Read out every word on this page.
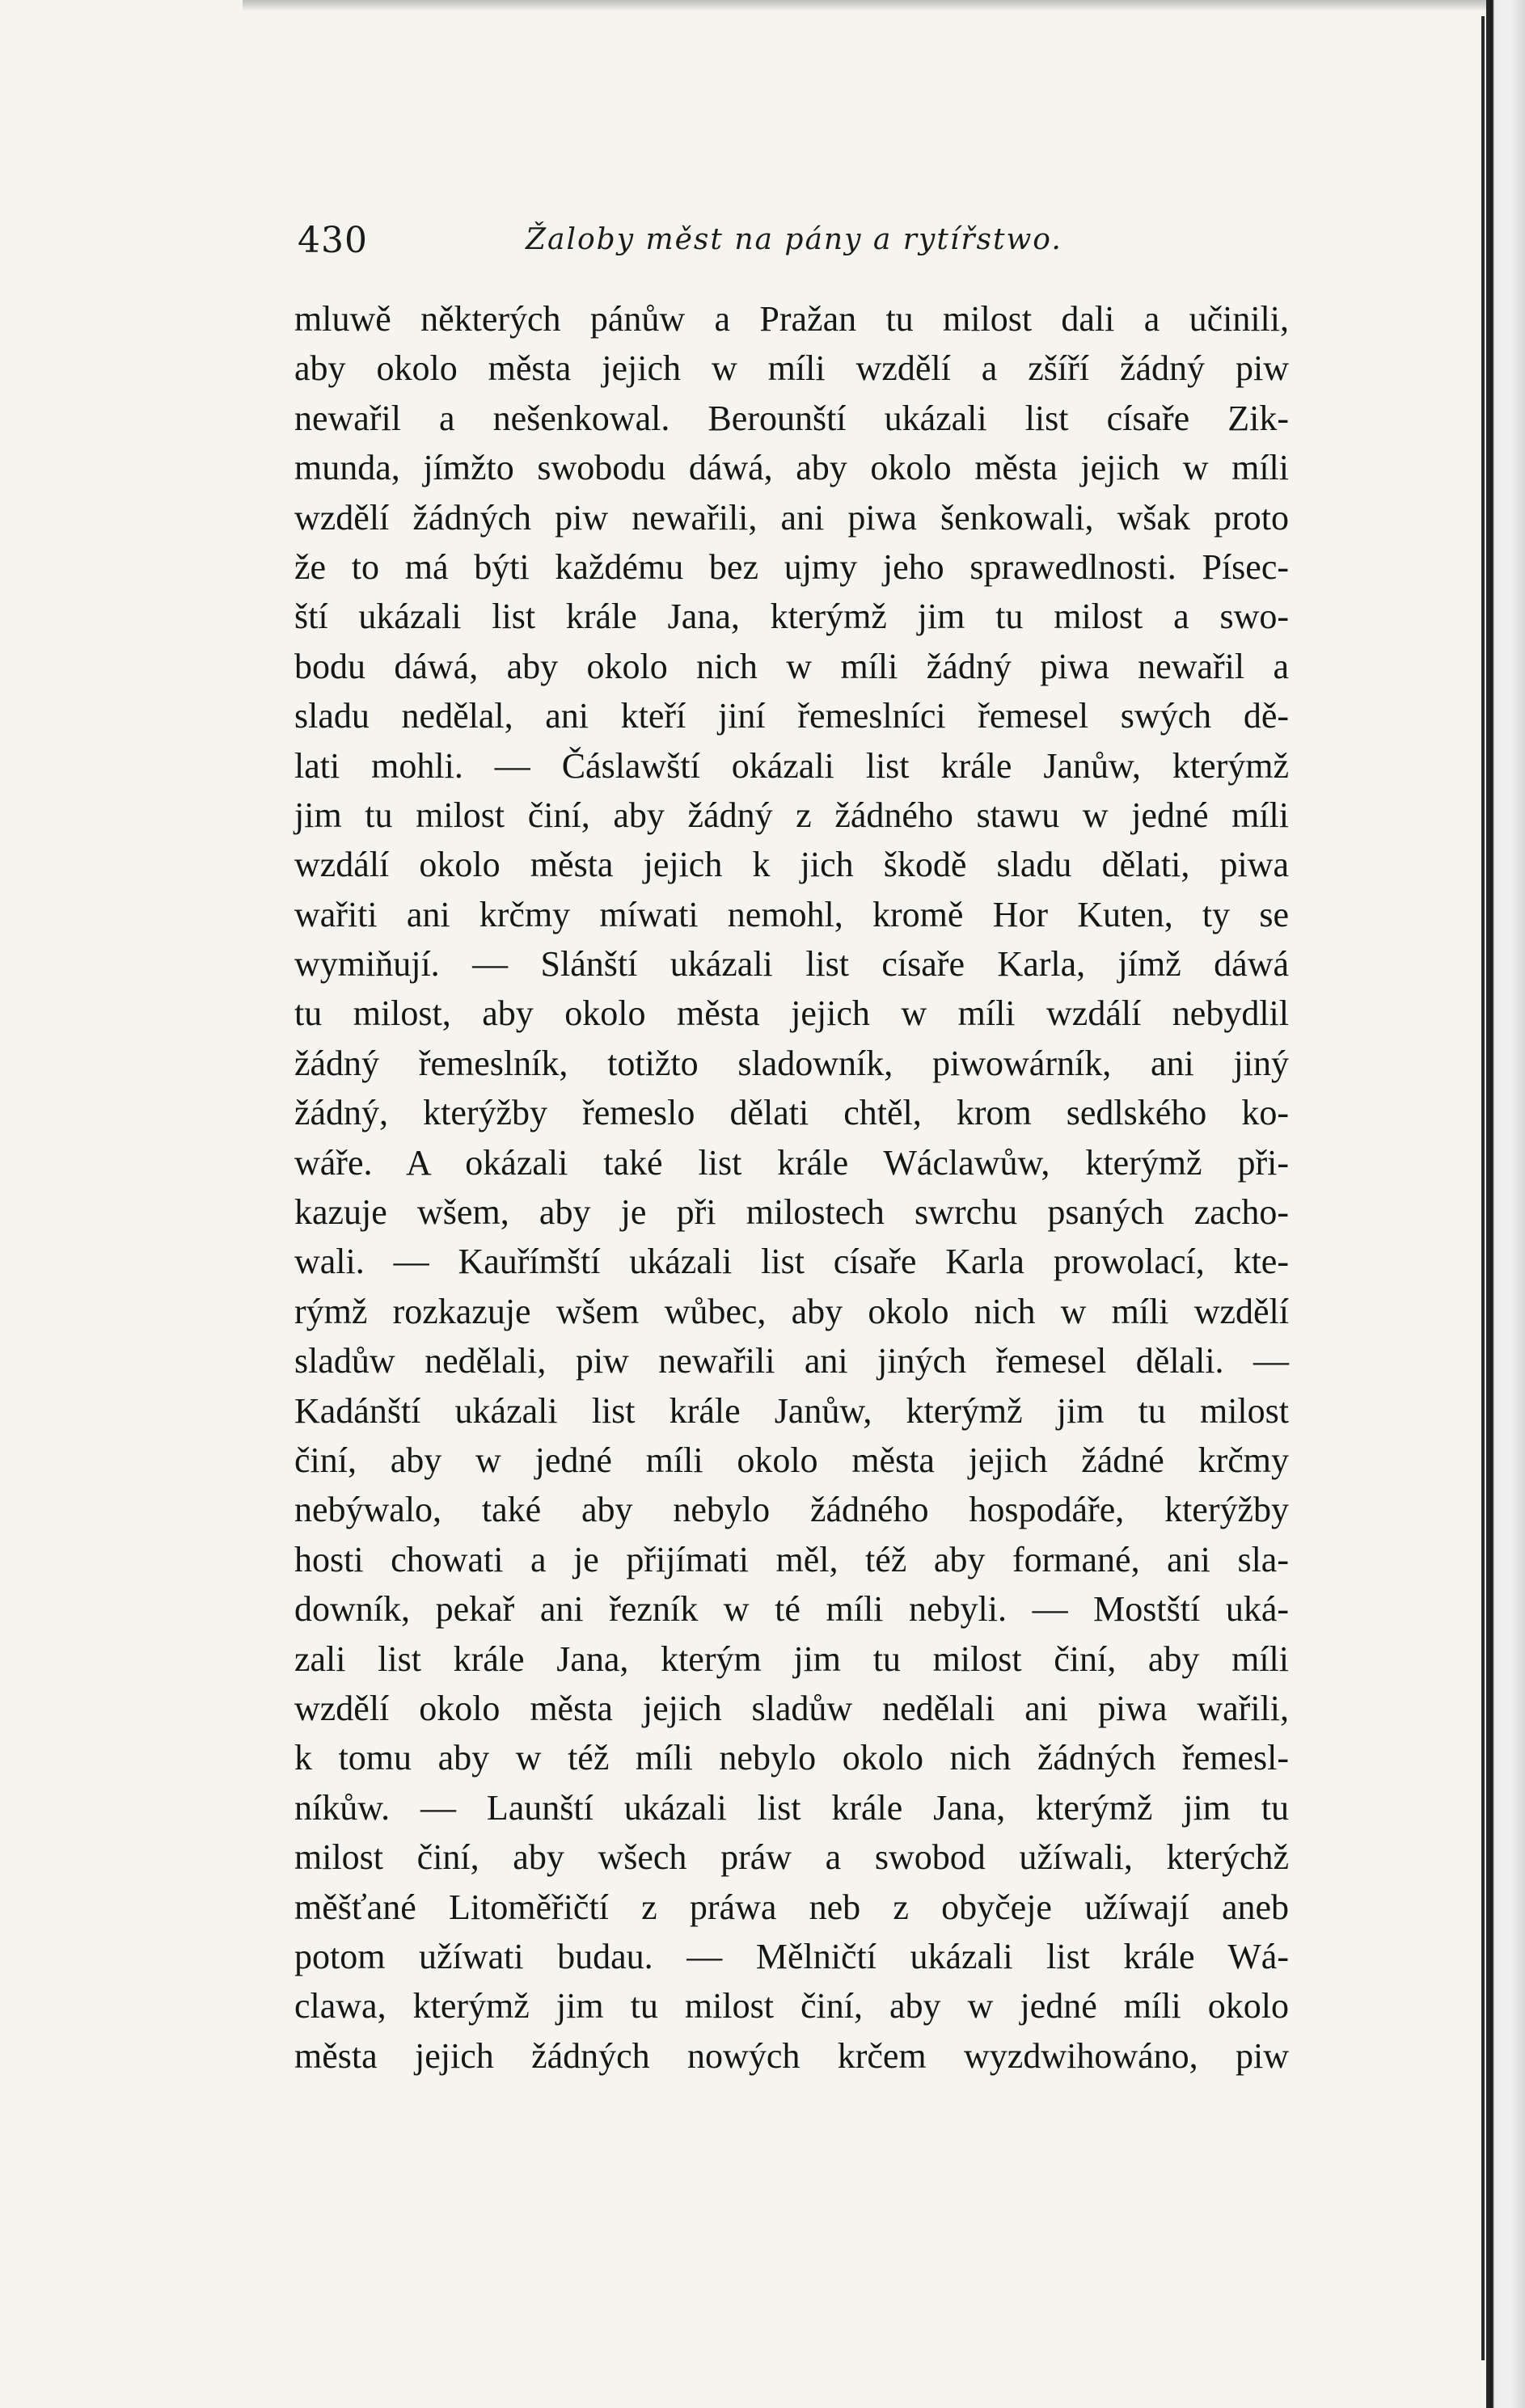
430	Žaloby měst na pány a rytířstwo.
mluwě některých pánůw a Pražan tu milost dali a učinili,
aby okolo města jejich w míli wzdělí a zšíří žádný piw
newařil a nešenkowal. Berounští ukázali list císaře Zik-
munda, jímžto swobodu dáwá, aby okolo města jejich w míli
wzdělí žádných piw newařili, ani piwa šenkowali, wšak proto
že to má býti každému bez ujmy jeho sprawedlnosti. Písec-
ští ukázali list krále Jana, kterýmž jim tu milost a swo-
bodu dáwá, aby okolo nich w míli žádný piwa newařil a
sladu nedělal, ani kteří jiní řemeslníci řemesel swých dě-
lati mohli. — Čáslawští okázali list krále Janůw, kterýmž
jim tu milost činí, aby žádný z žádného stawu w jedné míli
wzdálí okolo města jejich k jich škodě sladu dělati, piwa
wařiti ani krčmy míwati nemohl, kromě Hor Kuten, ty se
wymiňují. — Slánští ukázali list císaře Karla, jímž dáwá
tu milost, aby okolo města jejich w míli wzdálí nebydlil
žádný řemeslník, totižto sladowník, piwowárník, ani jiný
žádný, kterýžby řemeslo dělati chtěl, krom sedlského ko-
wáře. A okázali také list krále Wáclawůw, kterýmž při-
kazuje wšem, aby je při milostech swrchu psaných zacho-
wali. — Kauřímští ukázali list císaře Karla prowolací, kte-
rýmž rozkazuje wšem wůbec, aby okolo nich w míli wzdělí
sladůw nedělali, piw newařili ani jiných řemesel dělali. —
Kadánští ukázali list krále Janůw, kterýmž jim tu milost
činí, aby w jedné míli okolo města jejich žádné krčmy
nebýwalo, také aby nebylo žádného hospodáře, kterýžby
hosti chowati a je přijímati měl, též aby formané, ani sla-
downík, pekař ani řezník w té míli nebyli. — Mostští uká-
zali list krále Jana, kterým jim tu milost činí, aby míli
wzdělí okolo města jejich sladůw nedělali ani piwa wařili,
k tomu aby w též míli nebylo okolo nich žádných řemesl-
níkůw. — Launští ukázali list krále Jana, kterýmž jim tu
milost činí, aby wšech práw a swobod užíwali, kterýchž
měšťané Litoměřičtí z práwa neb z obyčeje užíwají aneb
potom užíwati budau. — Mělničtí ukázali list krále Wá-
clawa, kterýmž jim tu milost činí, aby w jedné míli okolo
města jejich žádných nowých krčem wyzdwihowáno, piw
